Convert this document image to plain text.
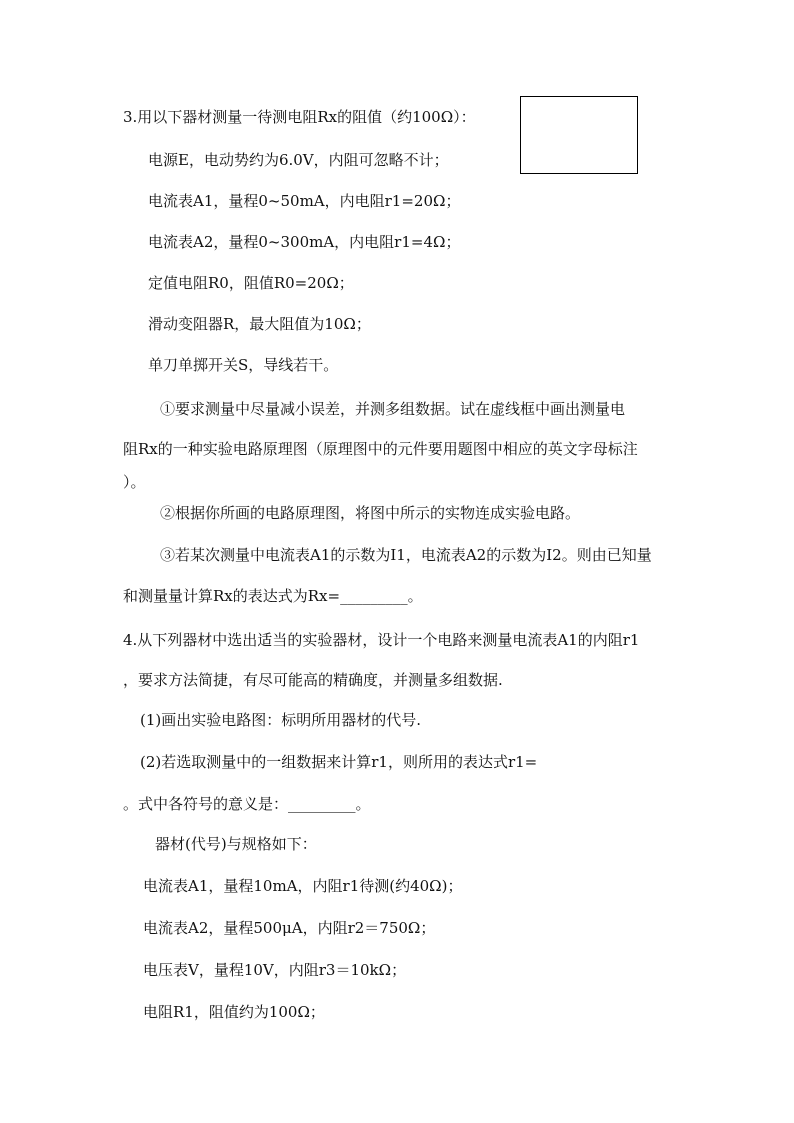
3.用以下器材测量一待测电阻Rx的阻值（约100Ω）：
电源E，电动势约为6.0V，内阻可忽略不计；
电流表A1，量程0~50mA，内电阻r1=20Ω；
电流表A2，量程0~300mA，内电阻r1=4Ω；
定值电阻R0，阻值R0=20Ω；
滑动变阻器R，最大阻值为10Ω；
单刀单掷开关S，导线若干。
①要求测量中尽量减小误差，并测多组数据。试在虚线框中画出测量电
阻Rx的一种实验电路原理图（原理图中的元件要用题图中相应的英文字母标注
）。
②根据你所画的电路原理图，将图中所示的实物连成实验电路。
③若某次测量中电流表A1的示数为I1，电流表A2的示数为I2。则由已知量
和测量量计算Rx的表达式为Rx=_________。
4.从下列器材中选出适当的实验器材，设计一个电路来测量电流表A1的内阻r1
，要求方法简捷，有尽可能高的精确度，并测量多组数据.
(1)画出实验电路图：标明所用器材的代号.
(2)若选取测量中的一组数据来计算r1，则所用的表达式r1=
。式中各符号的意义是：_________。
器材(代号)与规格如下：
电流表A1，量程10mA，内阻r1待测(约40Ω)；
电流表A2，量程500μA，内阻r2＝750Ω；
电压表V，量程10V，内阻r3＝10kΩ；
电阻R1，阻值约为100Ω；
